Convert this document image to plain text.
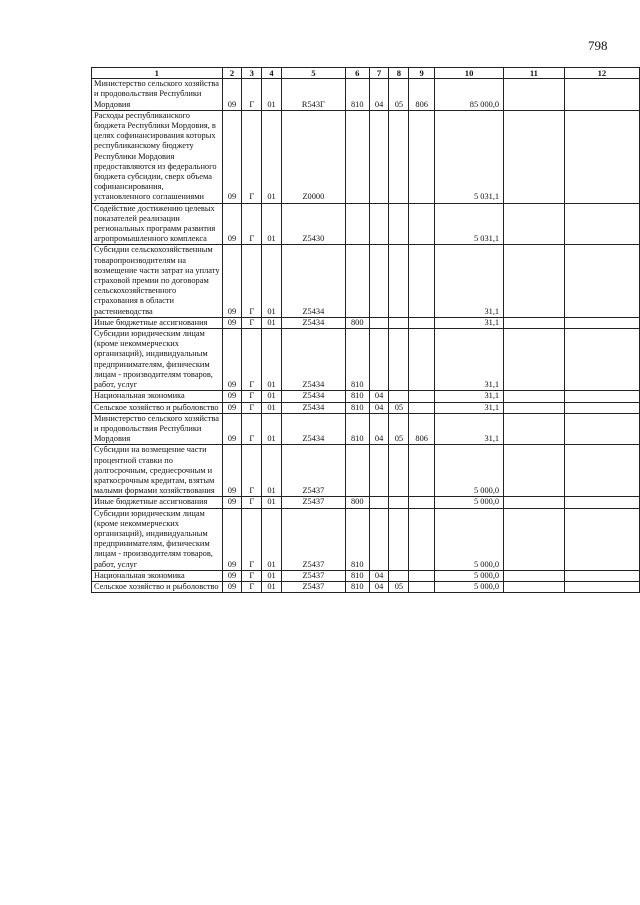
798
1	2	3	4	5	6	7	8	9	10	11	12
Министерство сельского хозяйства и продовольствия Республики Мордовия	09	Г	01	R543Г	810	04	05	806	85 000,0		
Расходы республиканского бюджета Республики Мордовия, в целях софинансирования которых республиканскому бюджету Республики Мордовия предоставляются из федерального бюджета субсидии, сверх объема софинансирования, установленного соглашениями	09	Г	01	Z0000					5 031,1		
Содействие достижению целевых показателей реализации региональных программ развития агропромышленного комплекса	09	Г	01	Z5430					5 031,1		
Субсидии сельскохозяйственным товаропроизводителям на возмещение части затрат на уплату страховой премии по договорам сельскохозяйственного страхования в области растениеводства	09	Г	01	Z5434					31,1		
Иные бюджетные ассигнования	09	Г	01	Z5434	800				31,1		
Субсидии юридическим лицам (кроме некоммерческих организаций), индивидуальным предпринимателям, физическим лицам - производителям товаров, работ, услуг	09	Г	01	Z5434	810				31,1		
Национальная экономика	09	Г	01	Z5434	810	04			31,1		
Сельское хозяйство и рыболовство	09	Г	01	Z5434	810	04	05		31,1		
Министерство сельского хозяйства и продовольствия Республики Мордовия	09	Г	01	Z5434	810	04	05	806	31,1		
Субсидии на возмещение части процентной ставки по долгосрочным, среднесрочным и краткосрочным кредитам, взятым малыми формами хозяйствования	09	Г	01	Z5437					5 000,0		
Иные бюджетные ассигнования	09	Г	01	Z5437	800				5 000,0		
Субсидии юридическим лицам (кроме некоммерческих организаций), индивидуальным предпринимателям, физическим лицам - производителям товаров, работ, услуг	09	Г	01	Z5437	810				5 000,0		
Национальная экономика	09	Г	01	Z5437	810	04			5 000,0		
Сельское хозяйство и рыболовство	09	Г	01	Z5437	810	04	05		5 000,0		
